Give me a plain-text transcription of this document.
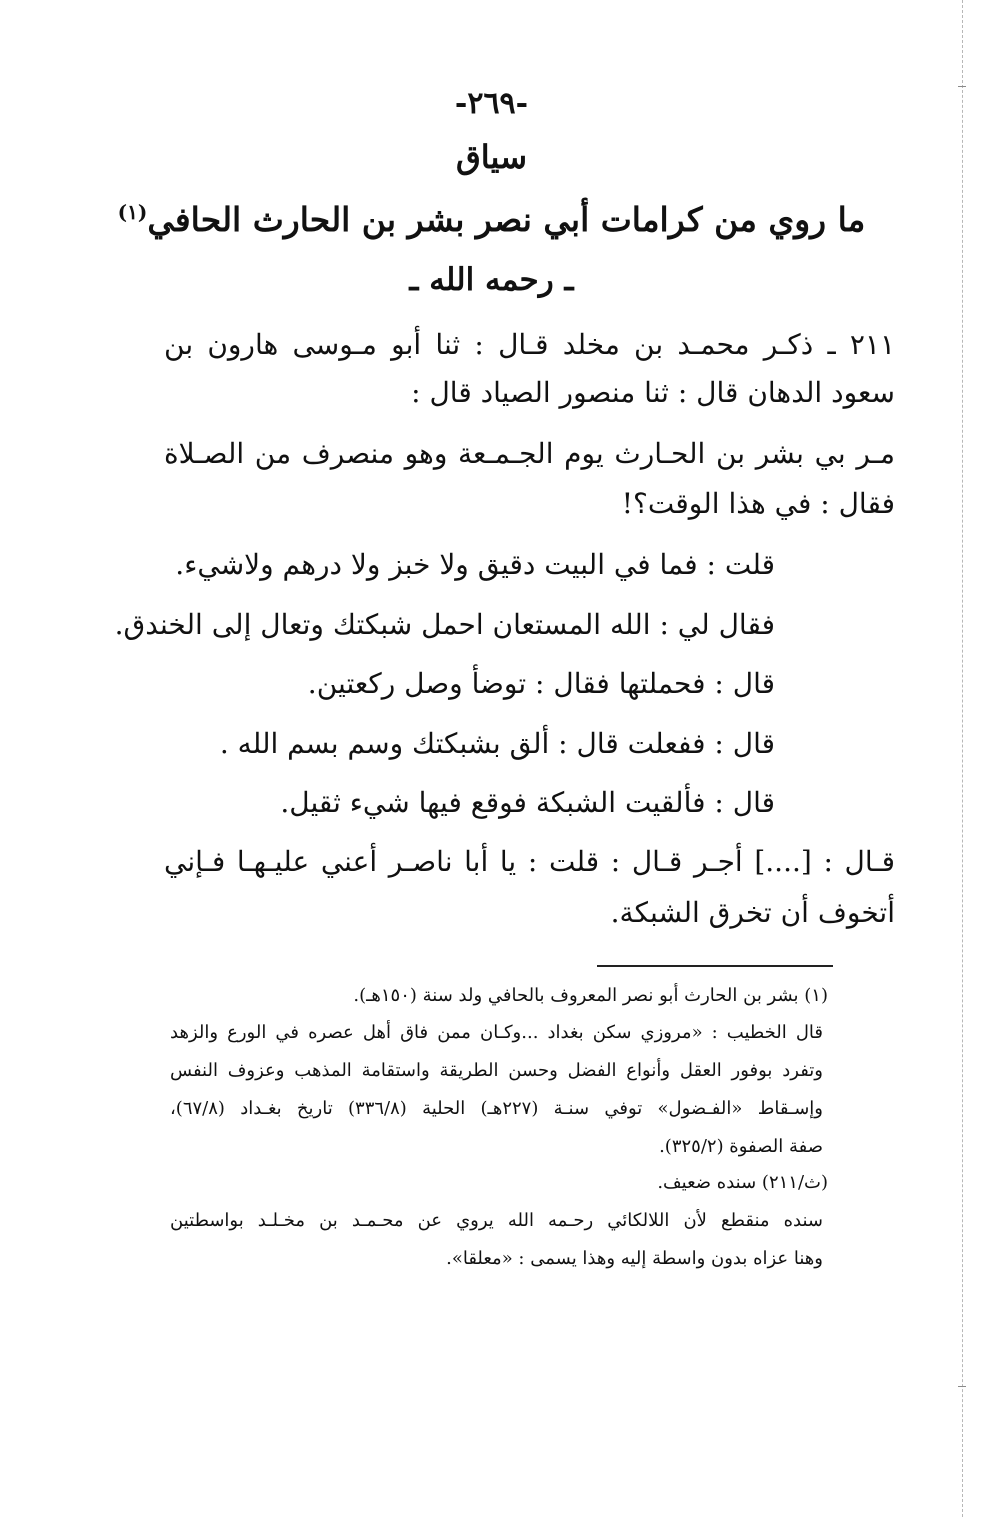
-٢٦٩-
سياق
ما روي من كرامات أبي نصر بشر بن الحارث الحافي$^{(١)}$
ـ رحمه الله ـ
٢١١ ـ ذكـر محمـد بن مخلد قـال : ثنا أبو مـوسى هارون بن
سعود الدهان قال : ثنا منصور الصياد قال :
مـر بي بشر بن الحـارث يوم الجـمـعة وهو منصرف من الصـلاة
فقال : في هذا الوقت؟!
قلت : فما في البيت دقيق ولا خبز ولا درهم ولاشيء.
فقال لي : الله المستعان احمل شبكتك وتعال إلى الخندق.
قال : فحملتها فقال : توضأ وصل ركعتين.
قال : ففعلت قال : ألق بشبكتك وسم بسم الله .
قال : فألقيت الشبكة فوقع فيها شيء ثقيل.
قـال : [....] أجـر قـال : قلت : يا أبا ناصـر أعني عليـهـا فـإني
أتخوف أن تخرق الشبكة.
(١) بشر بن الحارث أبو نصر المعروف بالحافي ولد سنة (١٥٠هـ).
قال الخطيب : «مروزي سكن بغداد ...وكـان ممن فاق أهل عصره في الورع والزهد
وتفرد بوفور العقل وأنواع الفضل وحسن الطريقة واستقامة المذهب وعزوف النفس
وإسـقاط «الفـضول» توفي سنـة (٢٢٧هـ) الحلية (٣٣٦/٨) تاريخ بغـداد (٦٧/٨)،
صفة الصفوة (٣٢٥/٢).
(ث/٢١١) سنده ضعيف.
سنده منقطع لأن اللالكائي رحـمه الله يروي عن محـمـد بن مخـلـد بواسطتين
وهنا عزاه بدون واسطة إليه وهذا يسمى : «معلقا».
